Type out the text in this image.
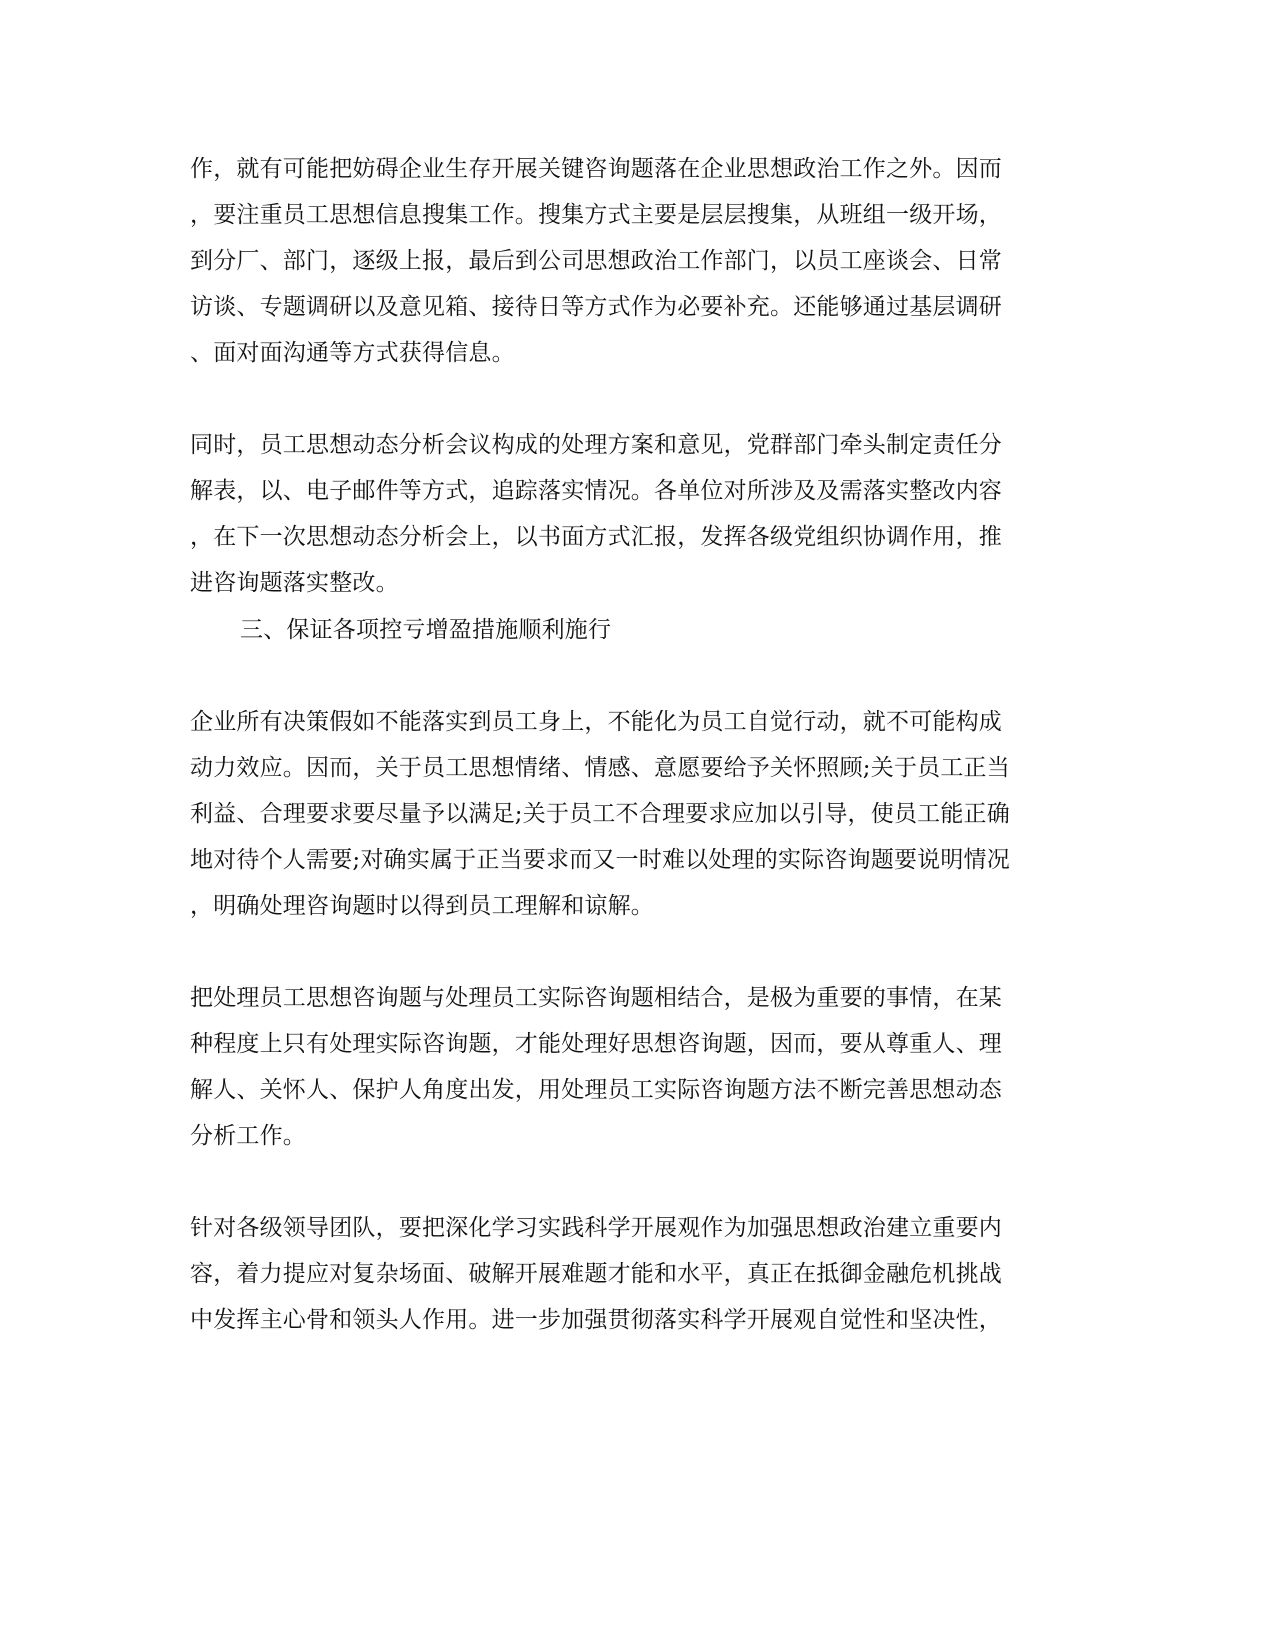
作，就有可能把妨碍企业生存开展关键咨询题落在企业思想政治工作之外。因而
，要注重员工思想信息搜集工作。搜集方式主要是层层搜集，从班组一级开场，
到分厂、部门，逐级上报，最后到公司思想政治工作部门，以员工座谈会、日常
访谈、专题调研以及意见箱、接待日等方式作为必要补充。还能够通过基层调研
、面对面沟通等方式获得信息。
同时，员工思想动态分析会议构成的处理方案和意见，党群部门牵头制定责任分
解表，以、电子邮件等方式，追踪落实情况。各单位对所涉及及需落实整改内容
，在下一次思想动态分析会上，以书面方式汇报，发挥各级党组织协调作用，推
进咨询题落实整改。
三、保证各项控亏增盈措施顺利施行
企业所有决策假如不能落实到员工身上，不能化为员工自觉行动，就不可能构成
动力效应。因而，关于员工思想情绪、情感、意愿要给予关怀照顾;关于员工正当
利益、合理要求要尽量予以满足;关于员工不合理要求应加以引导，使员工能正确
地对待个人需要;对确实属于正当要求而又一时难以处理的实际咨询题要说明情况
，明确处理咨询题时以得到员工理解和谅解。
把处理员工思想咨询题与处理员工实际咨询题相结合，是极为重要的事情，在某
种程度上只有处理实际咨询题，才能处理好思想咨询题，因而，要从尊重人、理
解人、关怀人、保护人角度出发，用处理员工实际咨询题方法不断完善思想动态
分析工作。
针对各级领导团队，要把深化学习实践科学开展观作为加强思想政治建立重要内
容，着力提应对复杂场面、破解开展难题才能和水平，真正在抵御金融危机挑战
中发挥主心骨和领头人作用。进一步加强贯彻落实科学开展观自觉性和坚决性，
